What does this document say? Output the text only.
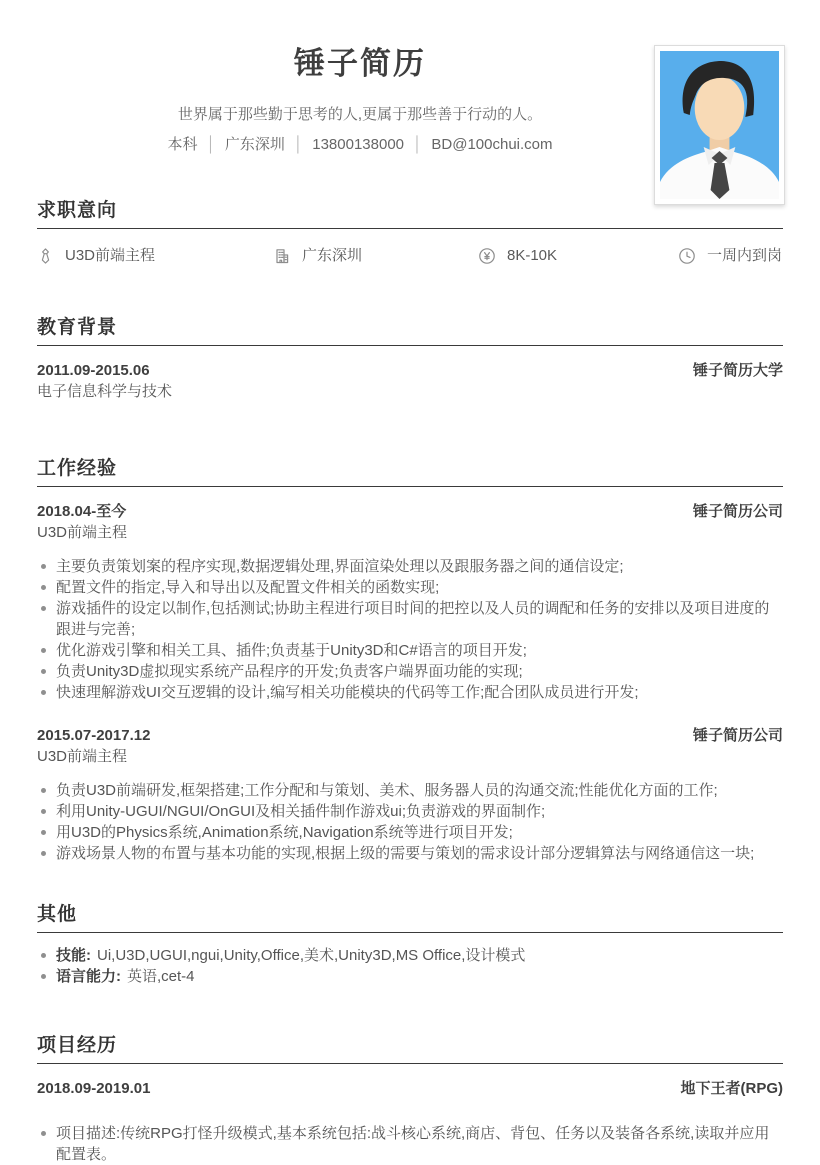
锤子简历
世界属于那些勤于思考的人,更属于那些善于行动的人。
本科 │ 广东深圳 │ 13800138000 │ BD@100chui.com
求职意向
U3D前端主程	广东深圳	8K-10K	一周内到岗
教育背景
2011.09-2015.06	锤子简历大学
电子信息科学与技术
工作经验
2018.04-至今	锤子简历公司
U3D前端主程
主要负责策划案的程序实现,数据逻辑处理,界面渲染处理以及跟服务器之间的通信设定;
配置文件的指定,导入和导出以及配置文件相关的函数实现;
游戏插件的设定以制作,包括测试;协助主程进行项目时间的把控以及人员的调配和任务的安排以及项目进度的跟进与完善;
优化游戏引擎和相关工具、插件;负责基于Unity3D和C#语言的项目开发;
负责Unity3D虚拟现实系统产品程序的开发;负责客户端界面功能的实现;
快速理解游戏UI交互逻辑的设计,编写相关功能模块的代码等工作;配合团队成员进行开发;
2015.07-2017.12	锤子简历公司
U3D前端主程
负责U3D前端研发,框架搭建;工作分配和与策划、美术、服务器人员的沟通交流;性能优化方面的工作;
利用Unity-UGUI/NGUI/OnGUI及相关插件制作游戏ui;负责游戏的界面制作;
用U3D的Physics系统,Animation系统,Navigation系统等进行项目开发;
游戏场景人物的布置与基本功能的实现,根据上级的需要与策划的需求设计部分逻辑算法与网络通信这一块;
其他
技能: Ui,U3D,UGUI,ngui,Unity,Office,美术,Unity3D,MS Office,设计模式
语言能力: 英语,cet-4
项目经历
2018.09-2019.01	地下王者(RPG)
项目描述:传统RPG打怪升级模式,基本系统包括:战斗核心系统,商店、背包、任务以及装备各系统,读取并应用配置表。
